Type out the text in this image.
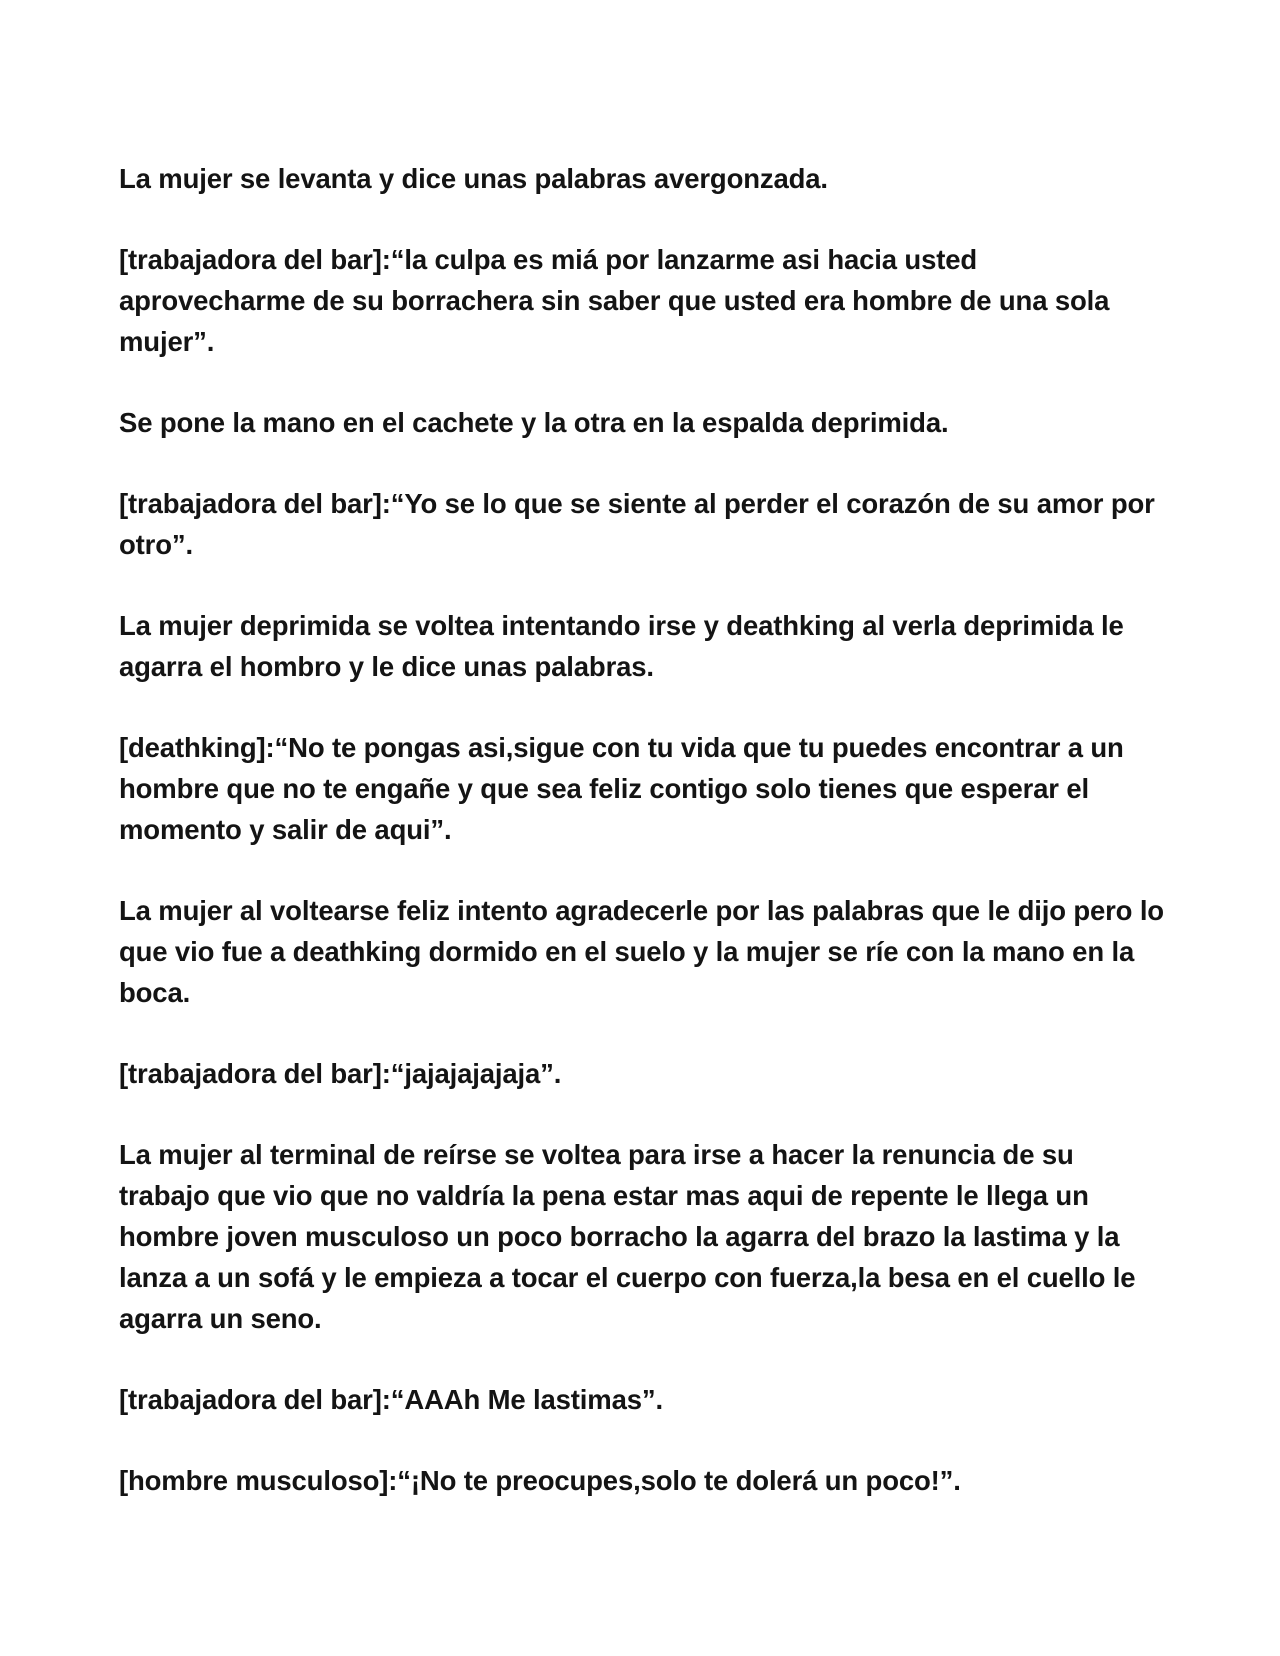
La mujer se levanta y dice unas palabras avergonzada.

[trabajadora del bar]:“la culpa es miá por lanzarme asi hacia usted aprovecharme de su borrachera sin saber que usted era hombre de una sola mujer”.

Se pone la mano en el cachete y la otra en la espalda deprimida.

[trabajadora del bar]:“Yo se lo que se siente al perder el corazón de su amor por otro”.

La mujer deprimida se voltea intentando irse y deathking al verla deprimida le agarra el hombro y le dice unas palabras.

[deathking]:“No te pongas asi,sigue con tu vida que tu puedes encontrar a un hombre que no te engañe y que sea feliz contigo solo tienes que esperar el momento y salir de aqui”.

La mujer al voltearse feliz intento agradecerle por las palabras que le dijo pero lo que vio fue a deathking dormido en el suelo y la mujer se ríe con la mano en la boca.

[trabajadora del bar]:“jajajajajaja”.

La mujer al terminal de reírse se voltea para irse a hacer la renuncia de su trabajo que vio que no valdría la pena estar mas aqui de repente le llega un hombre joven musculoso un poco borracho la agarra del brazo la lastima y la lanza a un sofá y le empieza a tocar el cuerpo con fuerza,la besa en el cuello le agarra un seno.

[trabajadora del bar]:“AAAh Me lastimas”.

[hombre musculoso]:“¡No te preocupes,solo te dolerá un poco!”.
